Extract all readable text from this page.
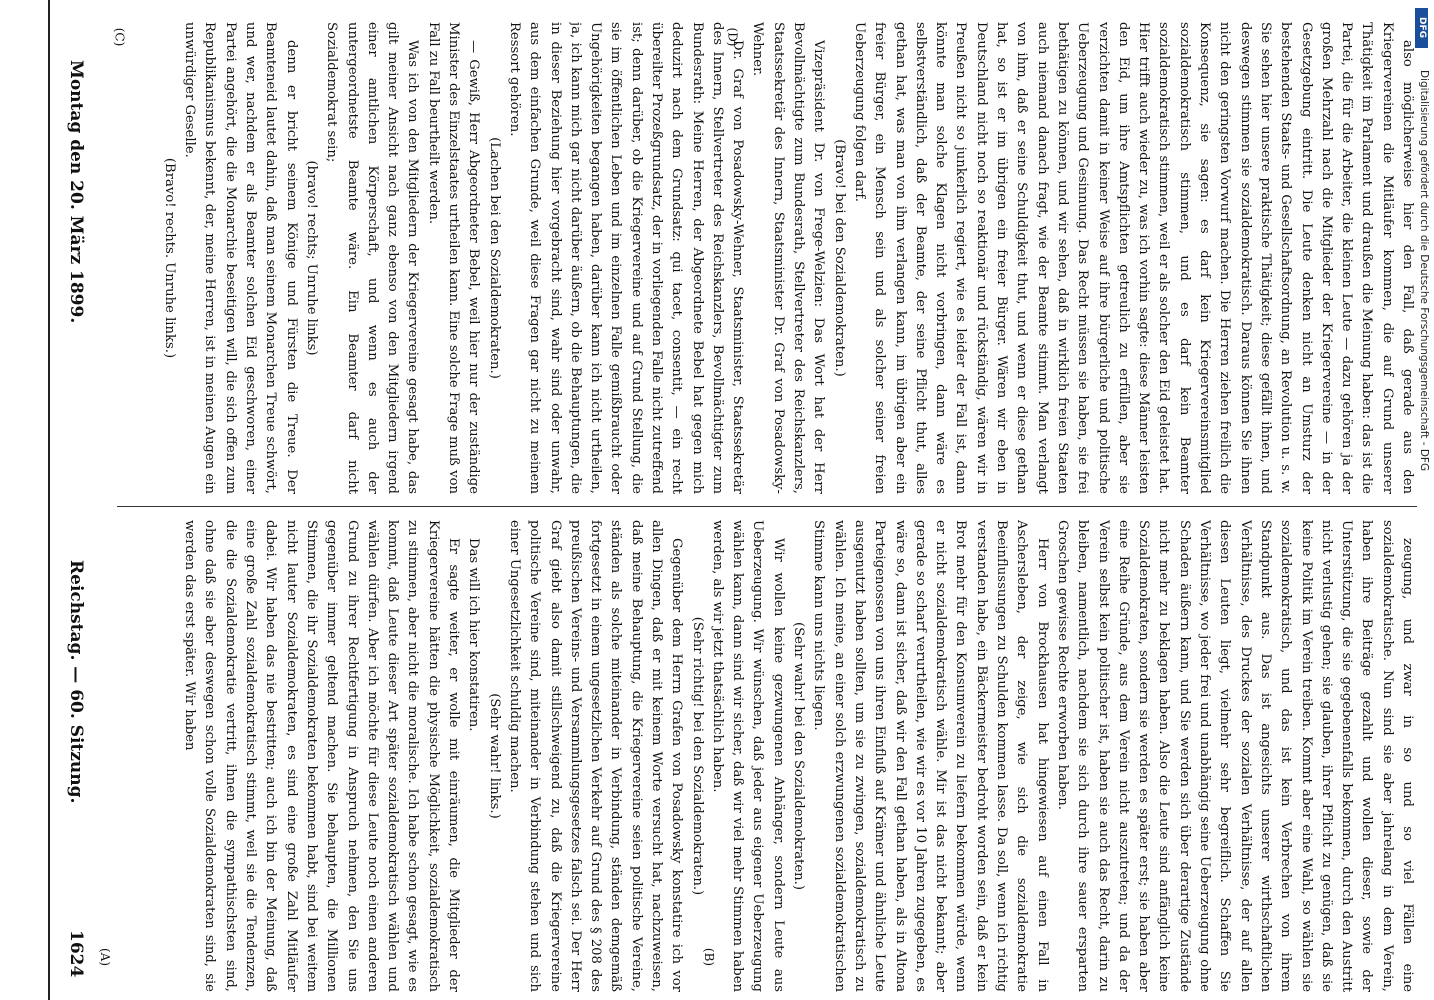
1624
Reichstag. — 60. Sitzung.
Montag den 20. März 1899.

zeugung, und zwar in so und so viel Fällen eine sozialdemokratische. Nun sind sie aber jahrelang in dem Verein, haben ihre Beiträge gezahlt und wollen dieser, sowie der Unterstützung, die sie gegebenenfalls bekommen, durch den Austritt nicht verlustig gehen; sie glauben, ihrer Pflicht zu genügen, daß sie keine Politik im Verein treiben. Kommt aber eine Wahl, so wählen sie sozialdemokratisch, und das ist kein Verbrechen von ihrem Standpunkt aus. Das ist angesichts unserer wirthschaftlichen Verhältnisse, des Druckes der sozialen Verhältnisse, der auf allen diesen Leuten liegt, vielmehr sehr begreiflich. Schaffen Sie Verhältnisse, wo jeder frei und unabhängig seine Ueberzeugung ohne Schaden äußern kann, und Sie werden sich über derartige Zustände nicht mehr zu beklagen haben. Also die Leute sind anfänglich keine Sozialdemokraten, sondern sie werden es später erst; sie haben aber eine Reihe Gründe, aus dem Verein nicht auszutreten; und da der Verein selbst kein politischer ist, haben sie auch das Recht, darin zu bleiben, namentlich, nachdem sie sich durch ihre sauer ersparten Groschen gewisse Rechte erworben haben.

Herr von Brockhausen hat hingewiesen auf einen Fall in Aschersleben, der zeige, wie sich die sozialdemokratie Beeinflussungen zu Schulden kommen lasse. Da soll, wenn ich richtig verstanden habe, ein Bäckermeister bedroht worden sein, daß er kein Brot mehr für den Konsumverein zu liefern bekommen würde, wenn er nicht sozialdemokratisch wähle. Mir ist das nicht bekannt; aber gerade so scharf verurtheilen, wie wir es vor 10 Jahren zugegeben, es wäre so, dann ist sicher, daß wir den Fall gethan haben, als in Altona Parteigenossen von uns ihren Einfluß auf Krämer und ähnliche Leute ausgenutzt haben sollten, um sie zu zwingen, sozialdemokratisch zu wählen. Ich meine, an einer solch erzwungenen sozialdemokratischen Stimme kann uns nichts liegen.

(Sehr wahr! bei den Sozialdemokraten.)

Wir wollen keine gezwungenen Anhänger, sondern Leute aus Ueberzeugung. Wir wünschen, daß jeder aus eigener Ueberzeugung wählen kann, dann sind wir sicher, daß wir viel mehr Stimmen haben werden, als wir jetzt thatsächlich haben.

(Sehr richtig! bei den Sozialdemokraten.)

Gegenüber dem Herrn Grafen von Posadowsky konstatire ich vor allen Dingen, daß er mit keinem Worte versucht hat, nachzuweisen, daß meine Behauptung, die Kriegervereine seien politische Vereine, ständen als solche miteinander in Verbindung, ständen demgemäß fortgesetzt in einem ungesetzlichen Verkehr auf Grund des § 208 des preußischen Vereins- und Versammlungsgesetzes falsch sei. Der Herr Graf giebt also damit stillschweigend zu, daß die Kriegervereine politische Vereine sind, miteinander in Verbindung stehen und sich einer Ungesetzlichkeit schuldig machen.

(Sehr wahr! links.)

Das will ich hier konstatiren.

Er sagte weiter, er wolle mit einräumen, die Mitglieder der Kriegervereine hätten die physische Möglichkeit, sozialdemokratisch zu stimmen, aber nicht die moralische. Ich habe schon gesagt, wie es kommt, daß Leute dieser Art später sozialdemokratisch wählen und wählen dürfen. Aber ich möchte für diese Leute noch einen anderen Grund zu ihrer Rechtfertigung in Anspruch nehmen, den Sie uns gegenüber immer geltend machen. Sie behaupten, die Millionen Stimmen, die ihr Sozialdemokraten bekommen habt, sind bei weitem nicht lauter Sozialdemokraten, es sind eine große Zahl Mitläufer dabei. Wir haben das nie bestritten; auch ich bin der Meinung, daß eine große Zahl sozialdemokratisch stimmt, weil sie die Tendenzen, die die Sozialdemokratie vertritt, ihnen die sympathischsten sind, ohne daß sie aber deswegen schon volle Sozialdemokraten sind, sie werden das erst später. Wir haben

also möglicherweise hier den Fall, daß gerade aus den Kriegervereinen die Mitläufer kommen, die auf Grund unserer Thätigkeit im Parlament und draußen die Meinung haben: das ist die Partei, die für die Arbeiter, die kleinen Leute — dazu gehören ja der großen Mehrzahl nach die Mitglieder der Kriegervereine — in der Gesetzgebung eintritt. Die Leute denken nicht an Umsturz der bestehenden Staats- und Gesellschaftsordnung, an Revolution u. s. w. Sie sehen hier unsere praktische Thätigkeit; diese gefällt ihnen, und deswegen stimmen sie sozialdemokratisch. Daraus können Sie ihnen nicht den geringsten Vorwurf machen. Die Herren ziehen freilich die Konsequenz, sie sagen: es darf kein Kriegervereinsmitglied sozialdemokratisch stimmen, und es darf kein Beamter sozialdemokratisch stimmen, weil er als solcher den Eid geleistet hat. Hier trifft auch wieder zu, was ich vorhin sagte: diese Männer leisten den Eid, um ihre Amtspflichten getreulich zu erfüllen, aber sie verzichten damit in keiner Weise auf ihre bürgerliche und politische Ueberzeugung und Gesinnung. Das Recht müssen sie haben, sie frei bethätigen zu können, und wir sehen, daß in wirklich freien Staaten auch niemand danach fragt, wie der Beamte stimmt. Man verlangt von ihm, daß er seine Schuldigkeit thut, und wenn er diese gethan hat, so ist er im übrigen ein freier Bürger. Wären wir eben in Deutschland nicht noch so reaktionär und rückständig, wären wir in Preußen nicht so junkerlich regiert, wie es leider der Fall ist, dann könnte man solche Klagen nicht vorbringen, dann wäre es selbstverständlich, daß der Beamte, der seine Pflicht thut, alles gethan hat, was man von ihm verlangen kann, im übrigen aber ein freier Bürger, ein Mensch sein und als solcher seiner freien Ueberzeugung folgen darf.

(Bravo! bei den Sozialdemokraten.)

Vizepräsident Dr. von Frege-Welzien: Das Wort hat der Herr Bevollmächtigte zum Bundesrath, Stellvertreter des Reichskanzlers, Staatssekretär des Innern, Staatsminister Dr. Graf von Posadowsky-Wehner.

Dr. Graf von Posadowsky-Wehner, Staatsminister, Staatssekretär des Innern, Stellvertreter des Reichskanzlers, Bevollmächtigter zum Bundesrath: Meine Herren, der Abgeordnete Bebel hat gegen mich deduzirt nach dem Grundsatz: qui tacet, consentit, — ein recht übereilter Prozeßgrundsatz, der in vorliegenden Falle nicht zutreffend ist; denn darüber, ob die Kriegervereine und auf Grund Stellung, die sie im öffentlichen Leben und im einzelnen Falle gemißbraucht oder Ungehörigkeiten begangen haben, darüber kann ich nicht urtheilen, ja, ich kann mich gar nicht darüber äußern, ob die Behauptungen, die in dieser Beziehung hier vorgebracht sind, wahr sind oder unwahr, aus dem einfachen Grunde, weil diese Fragen gar nicht zu meinem Ressort gehören.

(Lachen bei den Sozialdemokraten.)

— Gewiß, Herr Abgeordneter Bebel, weil hier nur der zuständige Minister des Einzelstaates urtheilen kann. Eine solche Frage muß von Fall zu Fall beurtheilt werden.

Was ich von den Mitgliedern der Kriegervereine gesagt habe, das gilt meiner Ansicht nach ganz ebenso von den Mitgliedern irgend einer amtlichen Körperschaft, und wenn es auch der untergeordnetste Beamte wäre. Ein Beamter darf nicht Sozialdemokrat sein;

(bravo! rechts; Unruhe links)

denn er bricht seinem Könige und Fürsten die Treue. Der Beamteneid lautet dahin, daß man seinem Monarchen Treue schwört, und wer, nachdem er als Beamter solchen Eid geschworen, einer Partei angehört, die die Monarchie beseitigen will, die sich offen zum Republikanismus bekennt, der, meine Herren, ist in meinen Augen ein unwürdiger Geselle.

(Bravo! rechts. Unruhe links.)

(A)	(B)
(C)	(D)
Digitalisierung gefördert durch die Deutsche Forschungsgemeinschaft - DFG
DFG
